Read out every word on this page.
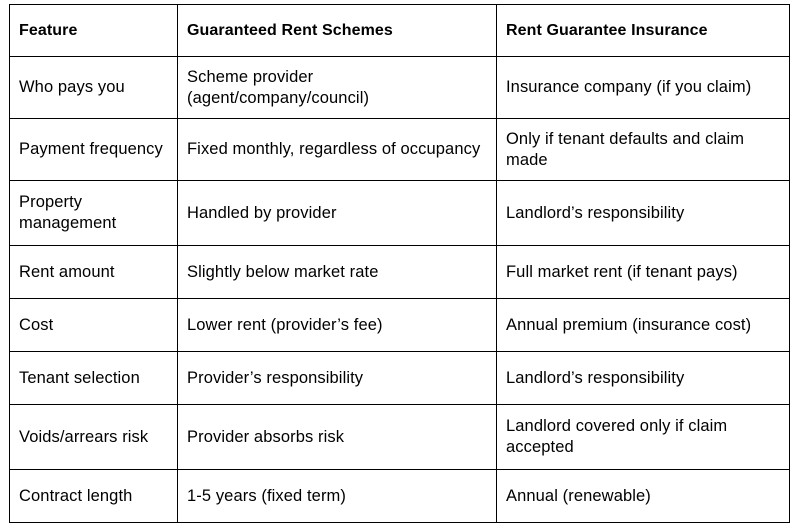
Feature	Guaranteed Rent Schemes	Rent Guarantee Insurance
Who pays you	Scheme provider (agent/company/council)	Insurance company (if you claim)
Payment frequency	Fixed monthly, regardless of occupancy	Only if tenant defaults and claim made
Property management	Handled by provider	Landlord’s responsibility
Rent amount	Slightly below market rate	Full market rent (if tenant pays)
Cost	Lower rent (provider’s fee)	Annual premium (insurance cost)
Tenant selection	Provider’s responsibility	Landlord’s responsibility
Voids/arrears risk	Provider absorbs risk	Landlord covered only if claim accepted
Contract length	1-5 years (fixed term)	Annual (renewable)
